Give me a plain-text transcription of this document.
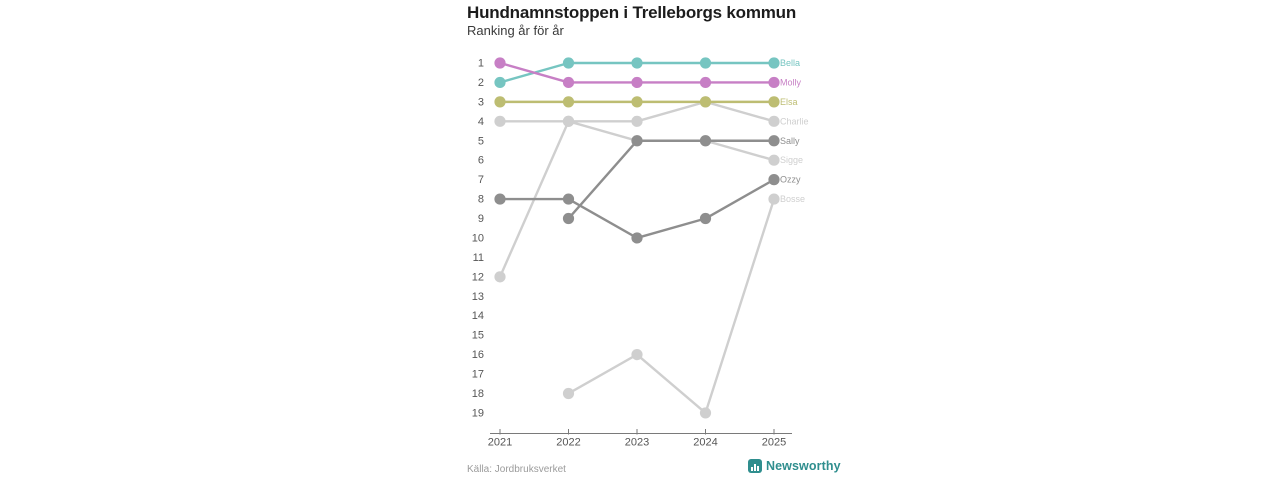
Hundnamnstoppen i Trelleborgs kommun
Ranking år för år
1
2
3
4
5
6
7
8
9
10
11
12
13
14
15
16
17
18
19
2021	2022	2023	2024	2025
Charlie
Sigge
Bosse
Sally
Ozzy
Bella
Elsa
Molly
Källa: Jordbruksverket	Newsworthy
